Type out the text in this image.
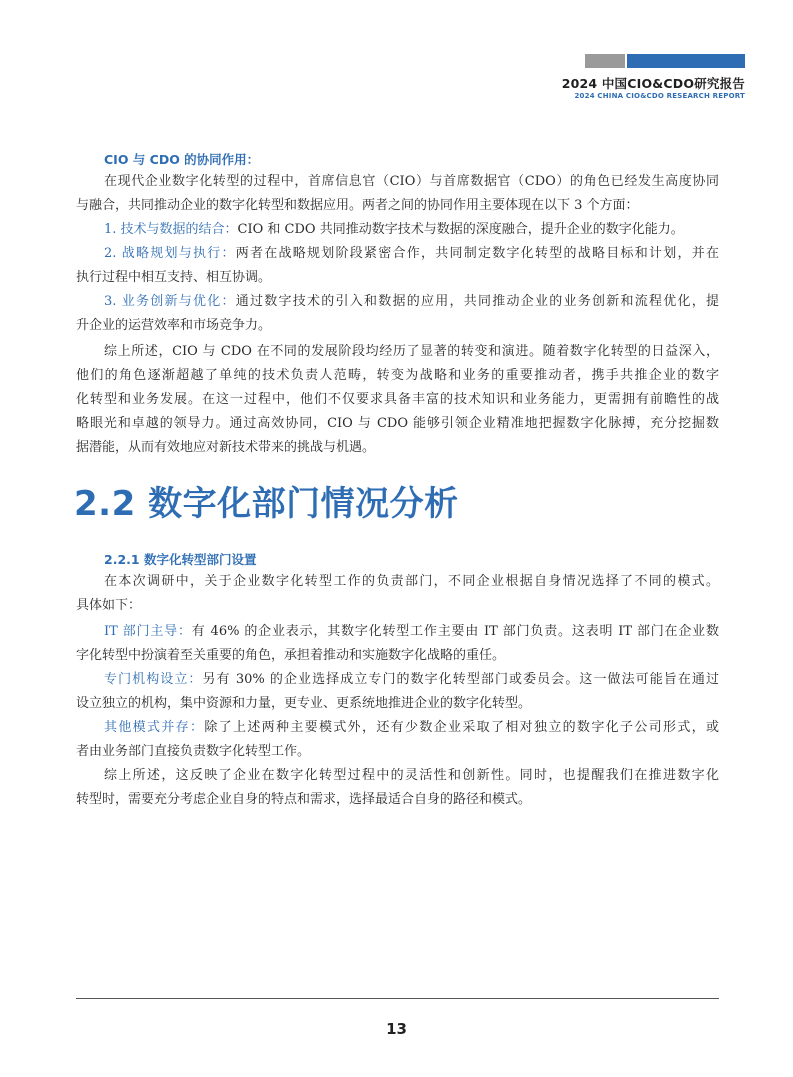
2024 中国CIO&CDO研究报告
2024 CHINA CIO&CDO RESEARCH REPORT
CIO 与 CDO 的协同作用：
在现代企业数字化转型的过程中，首席信息官（CIO）与首席数据官（CDO）的角色已经发生高度协同
与融合，共同推动企业的数字化转型和数据应用。两者之间的协同作用主要体现在以下 3 个方面：
1. 技术与数据的结合：CIO 和 CDO 共同推动数字技术与数据的深度融合，提升企业的数字化能力。
2. 战略规划与执行：两者在战略规划阶段紧密合作，共同制定数字化转型的战略目标和计划，并在
执行过程中相互支持、相互协调。
3. 业务创新与优化：通过数字技术的引入和数据的应用，共同推动企业的业务创新和流程优化，提
升企业的运营效率和市场竞争力。
综上所述，CIO 与 CDO 在不同的发展阶段均经历了显著的转变和演进。随着数字化转型的日益深入，
他们的角色逐渐超越了单纯的技术负责人范畴，转变为战略和业务的重要推动者，携手共推企业的数字
化转型和业务发展。在这一过程中，他们不仅要求具备丰富的技术知识和业务能力，更需拥有前瞻性的战
略眼光和卓越的领导力。通过高效协同，CIO 与 CDO 能够引领企业精准地把握数字化脉搏，充分挖掘数
据潜能，从而有效地应对新技术带来的挑战与机遇。
2.2 数字化部门情况分析
2.2.1 数字化转型部门设置
在本次调研中，关于企业数字化转型工作的负责部门，不同企业根据自身情况选择了不同的模式。
具体如下：
IT 部门主导：有 46% 的企业表示，其数字化转型工作主要由 IT 部门负责。这表明 IT 部门在企业数
字化转型中扮演着至关重要的角色，承担着推动和实施数字化战略的重任。
专门机构设立：另有 30% 的企业选择成立专门的数字化转型部门或委员会。这一做法可能旨在通过
设立独立的机构，集中资源和力量，更专业、更系统地推进企业的数字化转型。
其他模式并存：除了上述两种主要模式外，还有少数企业采取了相对独立的数字化子公司形式，或
者由业务部门直接负责数字化转型工作。
综上所述，这反映了企业在数字化转型过程中的灵活性和创新性。同时，也提醒我们在推进数字化
转型时，需要充分考虑企业自身的特点和需求，选择最适合自身的路径和模式。
13
